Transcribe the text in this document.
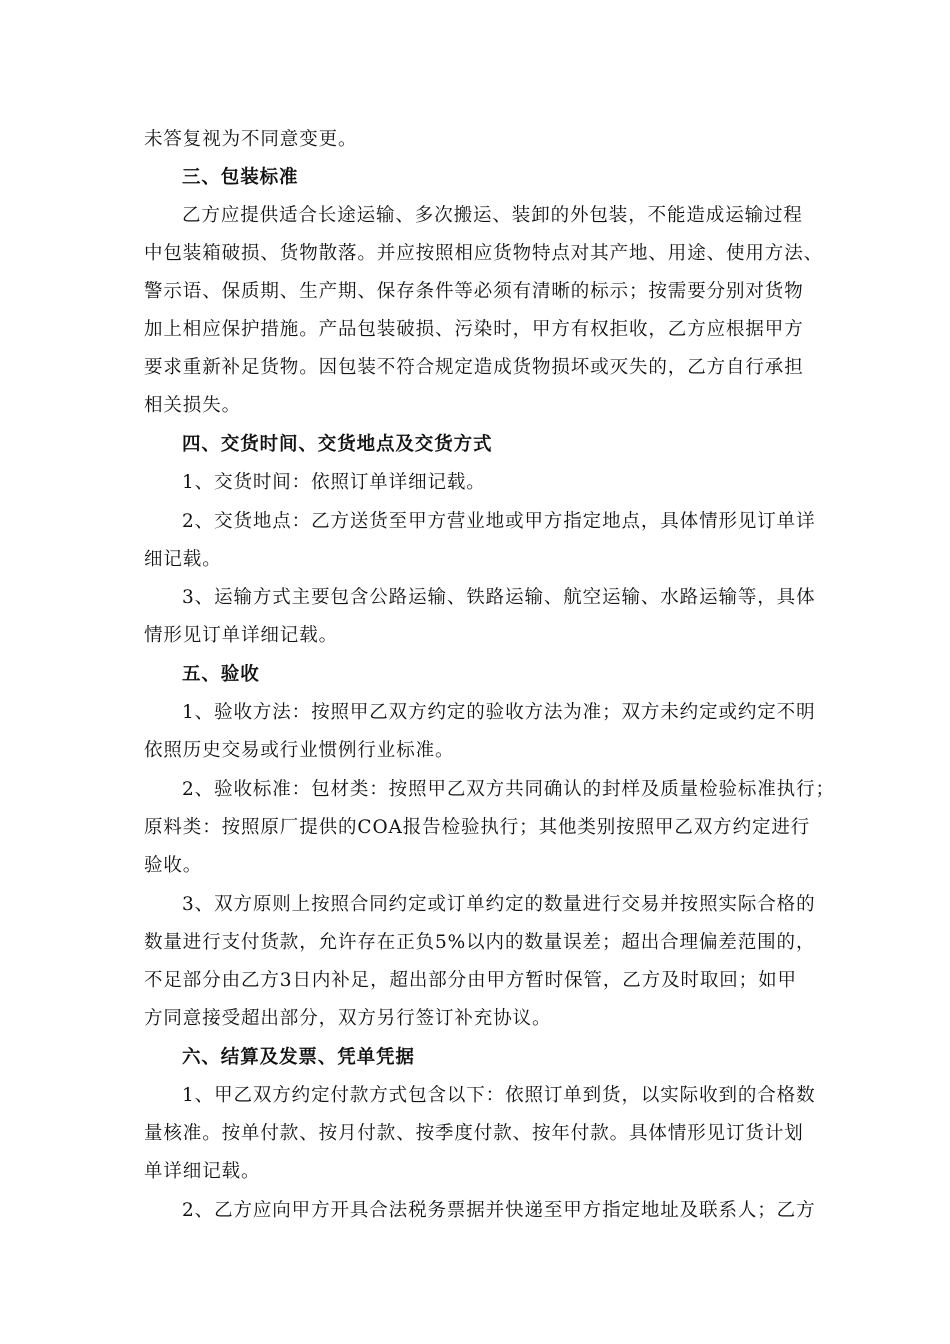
未答复视为不同意变更。
三、包装标准
乙方应提供适合长途运输、多次搬运、装卸的外包装，不能造成运输过程
中包装箱破损、货物散落。并应按照相应货物特点对其产地、用途、使用方法、
警示语、保质期、生产期、保存条件等必须有清晰的标示；按需要分别对货物
加上相应保护措施。产品包装破损、污染时，甲方有权拒收，乙方应根据甲方
要求重新补足货物。因包装不符合规定造成货物损坏或灭失的，乙方自行承担
相关损失。
四、交货时间、交货地点及交货方式
1、交货时间：依照订单详细记载。
2、交货地点：乙方送货至甲方营业地或甲方指定地点，具体情形见订单详
细记载。
3、运输方式主要包含公路运输、铁路运输、航空运输、水路运输等，具体
情形见订单详细记载。
五、验收
1、验收方法：按照甲乙双方约定的验收方法为准；双方未约定或约定不明
依照历史交易或行业惯例行业标准。
2、验收标准：包材类：按照甲乙双方共同确认的封样及质量检验标准执行；
原料类：按照原厂提供的COA报告检验执行；其他类别按照甲乙双方约定进行
验收。
3、双方原则上按照合同约定或订单约定的数量进行交易并按照实际合格的
数量进行支付货款，允许存在正负5%以内的数量误差；超出合理偏差范围的，
不足部分由乙方3日内补足，超出部分由甲方暂时保管，乙方及时取回；如甲
方同意接受超出部分，双方另行签订补充协议。
六、结算及发票、凭单凭据
1、甲乙双方约定付款方式包含以下：依照订单到货，以实际收到的合格数
量核准。按单付款、按月付款、按季度付款、按年付款。具体情形见订货计划
单详细记载。
2、乙方应向甲方开具合法税务票据并快递至甲方指定地址及联系人；乙方
